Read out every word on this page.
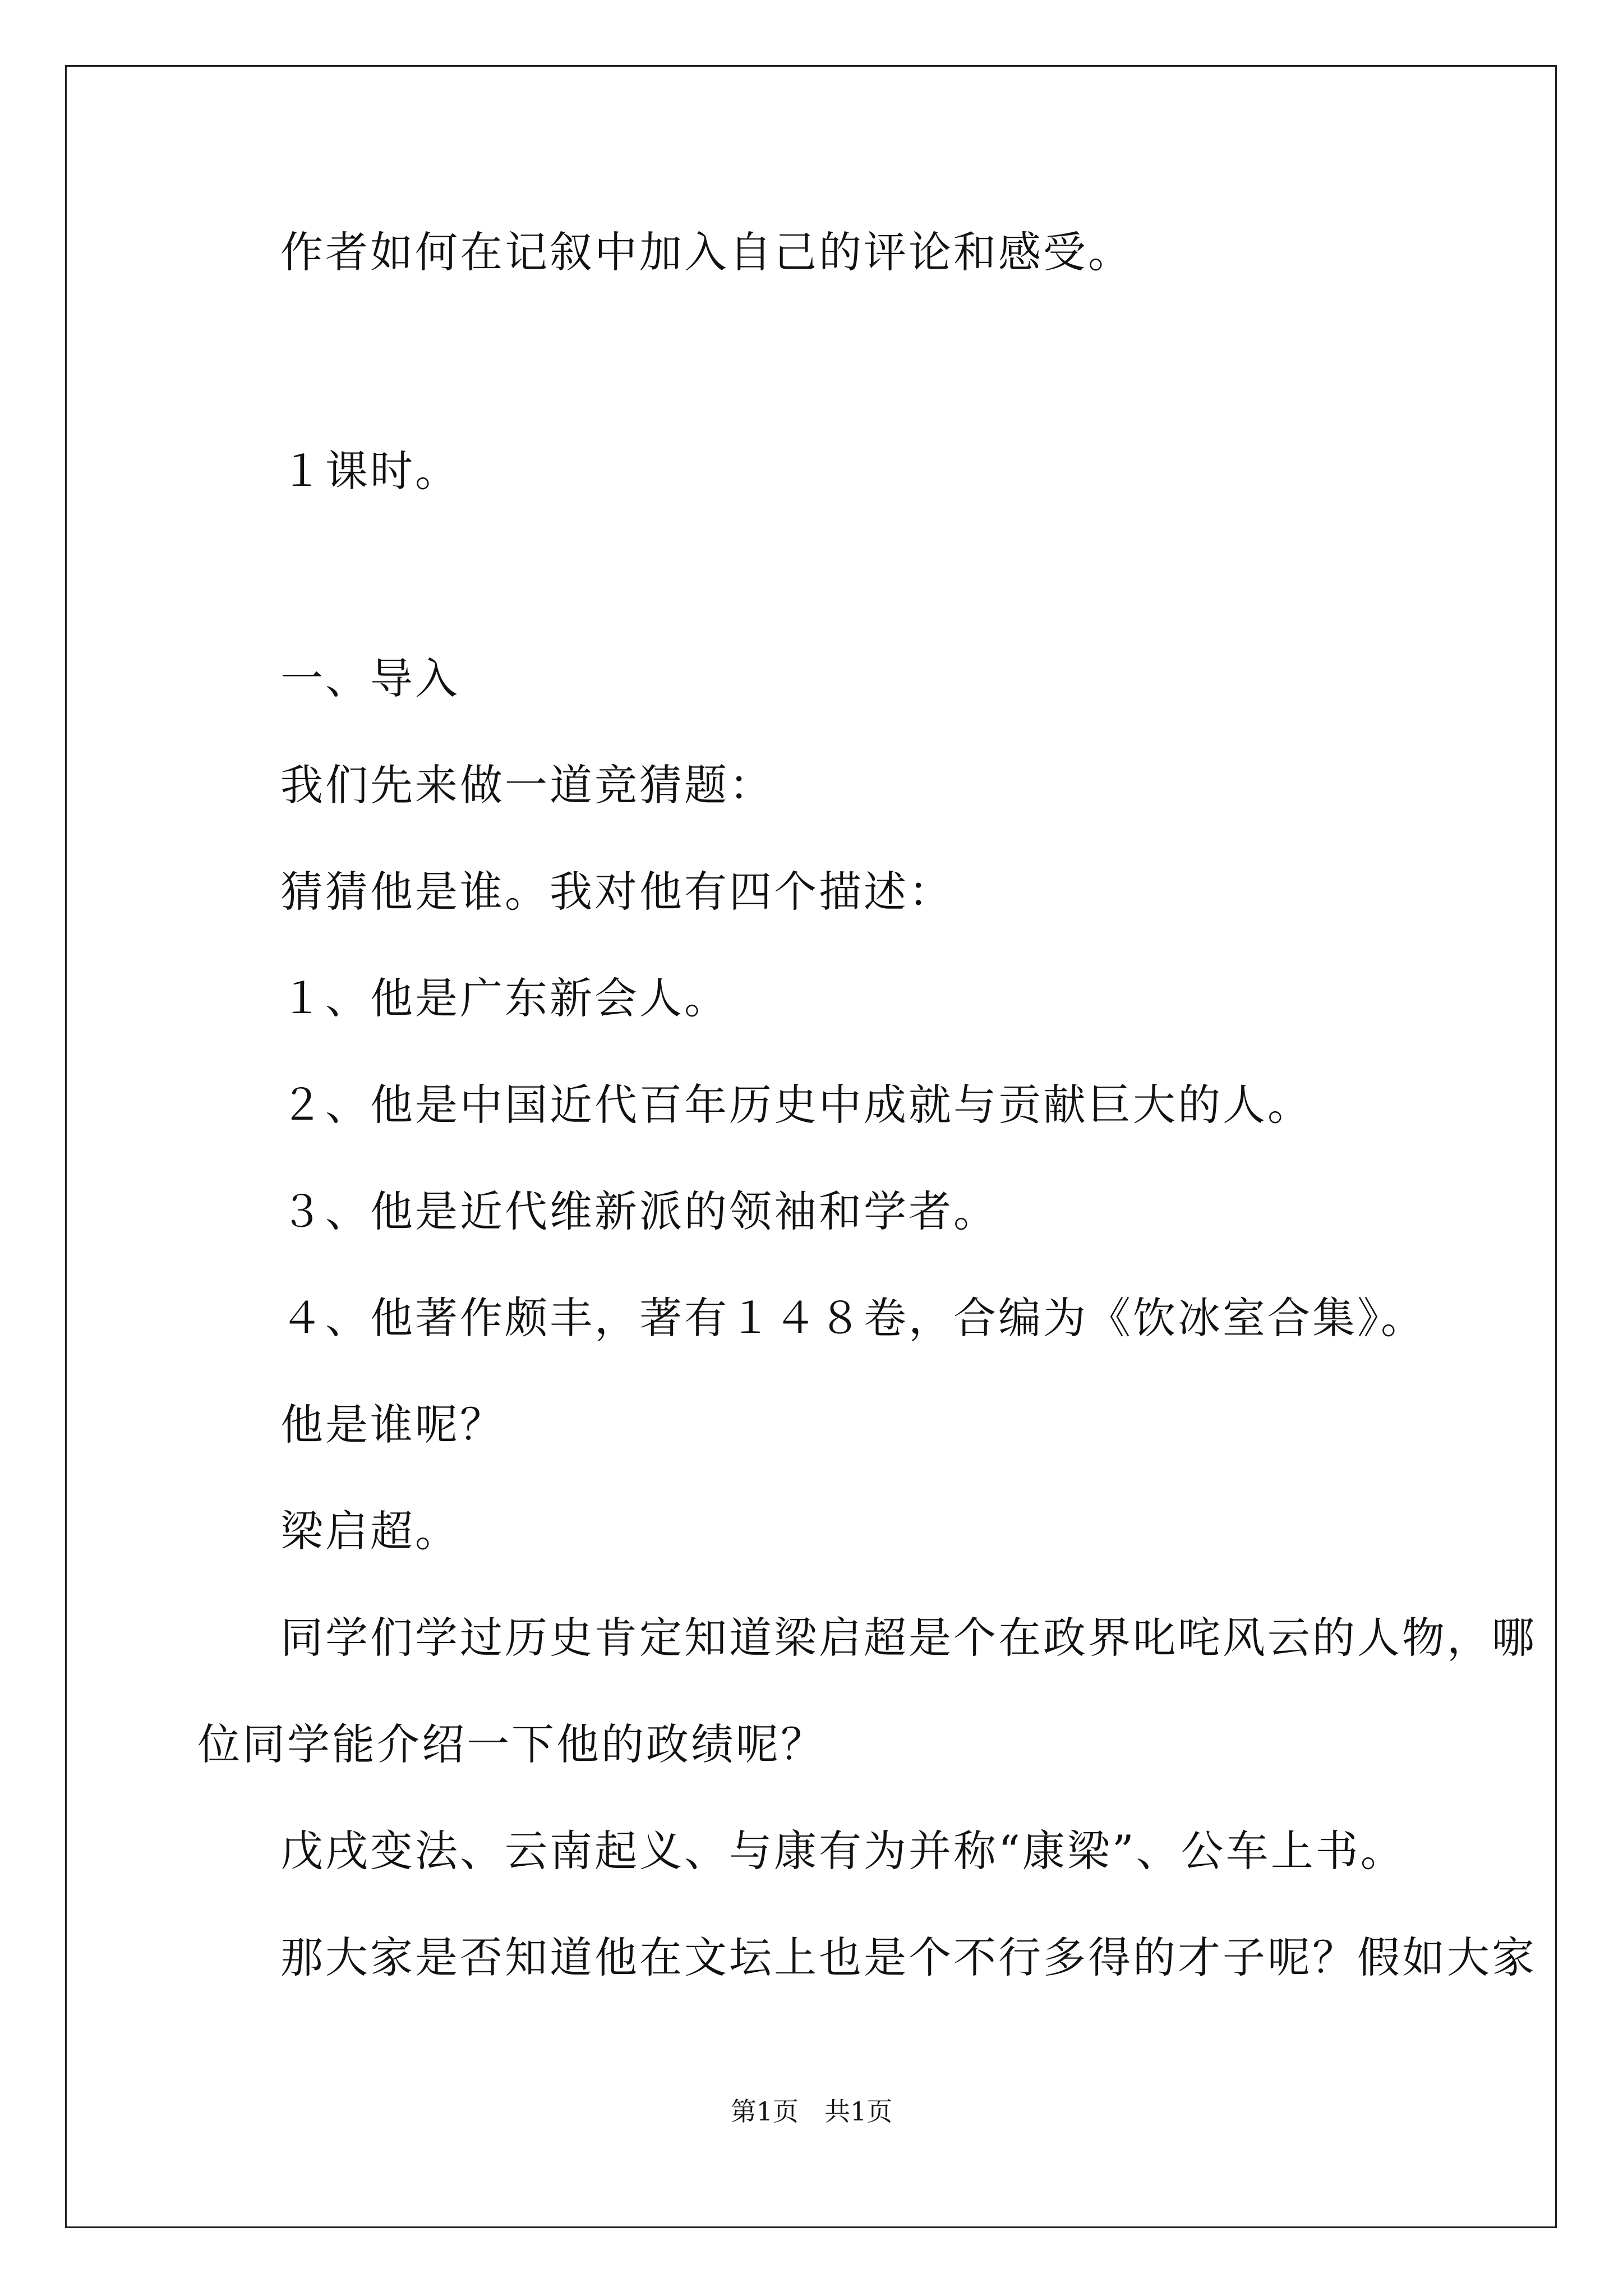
作者如何在记叙中加入自己的评论和感受。
１课时。
一、导入
我们先来做一道竞猜题：
猜猜他是谁。我对他有四个描述：
１、他是广东新会人。
２、他是中国近代百年历史中成就与贡献巨大的人。
３、他是近代维新派的领袖和学者。
４、他著作颇丰，著有１４８卷，合编为《饮冰室合集》。
他是谁呢？
梁启超。
同学们学过历史肯定知道梁启超是个在政界叱咤风云的人物，哪
位同学能介绍一下他的政绩呢？
戊戌变法、云南起义、与康有为并称“康梁”、公车上书。
那大家是否知道他在文坛上也是个不行多得的才子呢？假如大家
第1页　共1页
